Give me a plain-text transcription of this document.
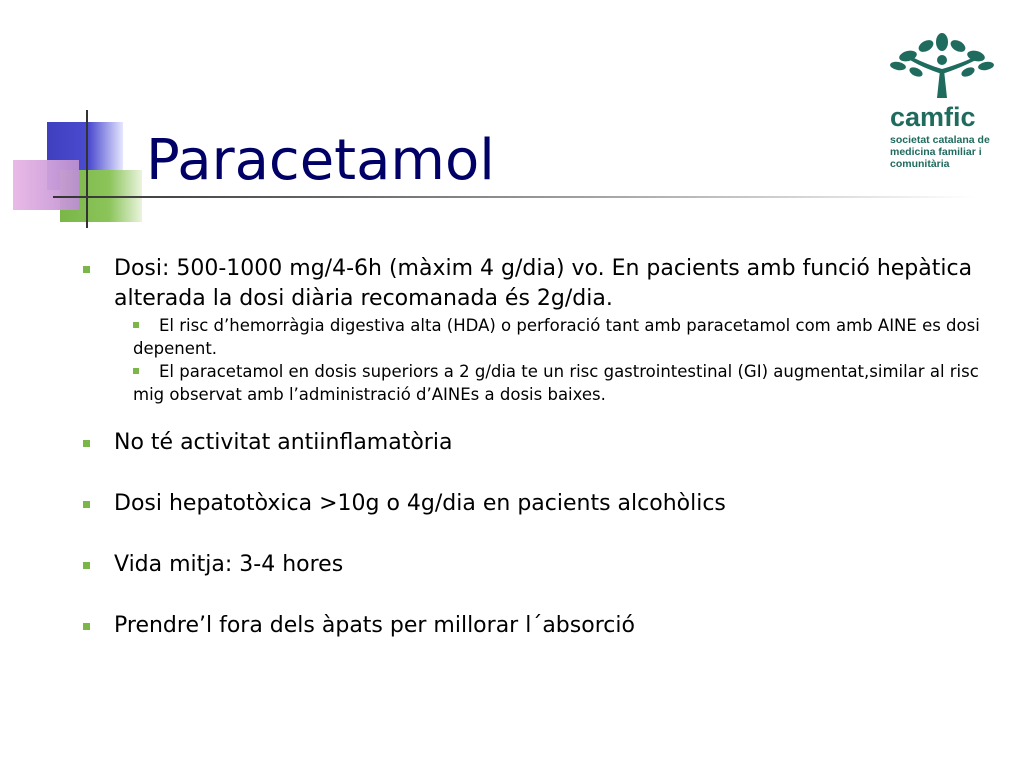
Paracetamol
camfic
societat catalana de medicina familiar i comunitària
Dosi: 500-1000 mg/4-6h (màxim 4 g/dia) vo. En pacients amb funció hepàtica alterada la dosi diària recomanada és 2g/dia.
El risc d’hemorràgia digestiva alta (HDA) o perforació tant amb paracetamol com amb AINE es dosi depenent.
El paracetamol en dosis superiors a 2 g/dia te un risc gastrointestinal (GI) augmentat,similar al risc mig observat amb l’administració d’AINEs a dosis baixes.
No té activitat antiinflamatòria
Dosi hepatotòxica >10g o 4g/dia en pacients alcohòlics
Vida mitja: 3-4 hores
Prendre’l fora dels àpats per millorar l´absorció
